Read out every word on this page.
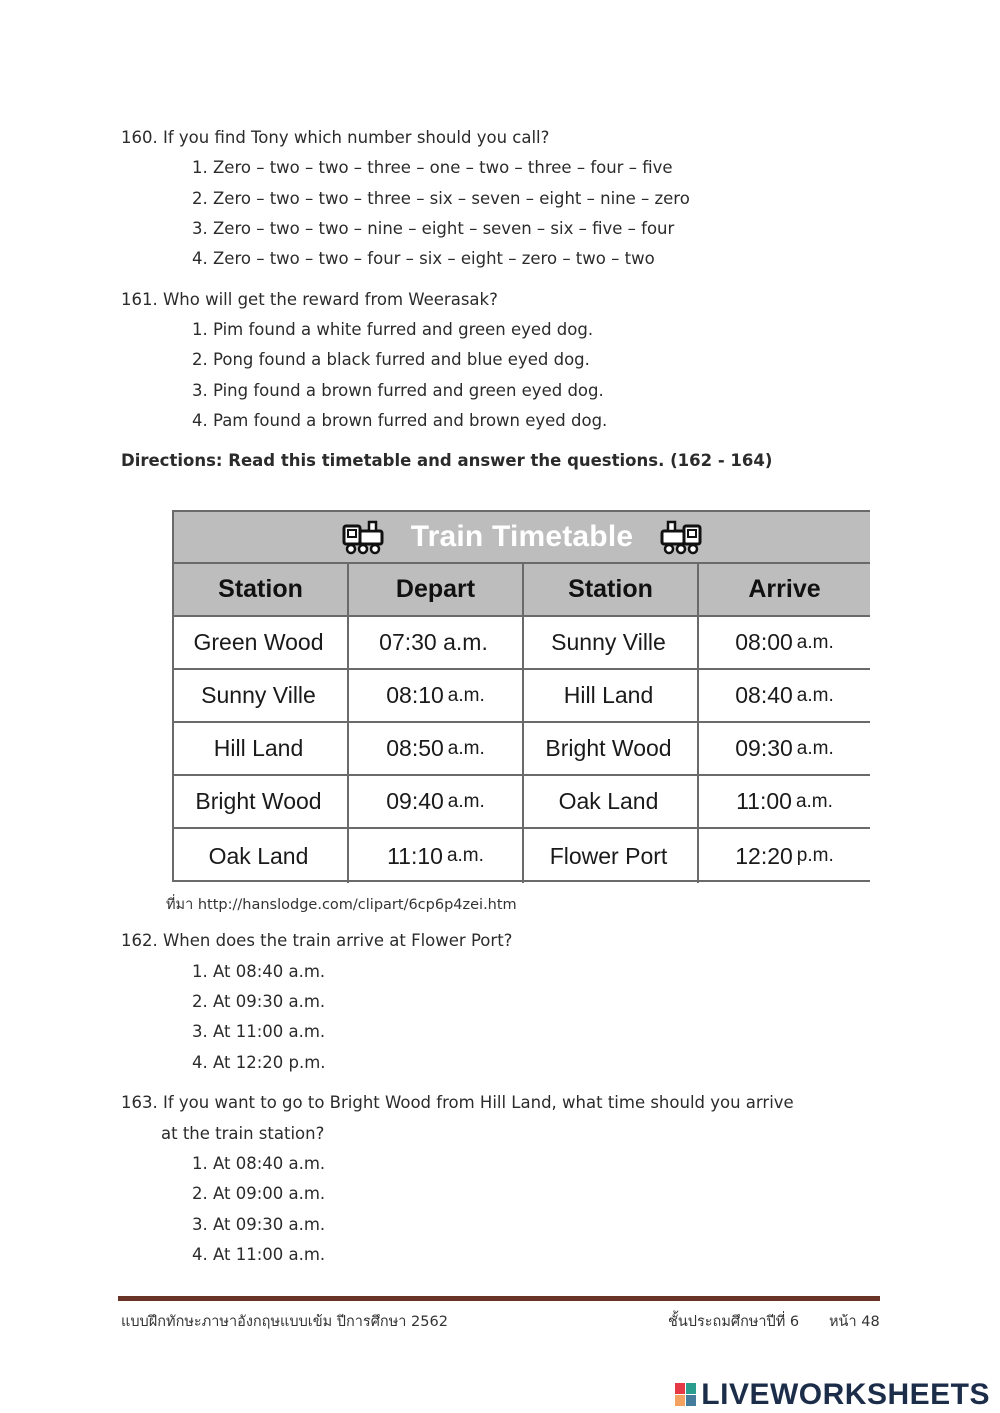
160. If you find Tony which number should you call?
1. Zero – two – two – three – one – two – three – four – five
2. Zero – two – two – three – six – seven – eight – nine – zero
3. Zero – two – two – nine – eight – seven – six – five – four
4. Zero – two – two – four – six – eight – zero – two – two
161. Who will get the reward from Weerasak?
1. Pim found a white furred and green eyed dog.
2. Pong found a black furred and blue eyed dog.
3. Ping found a brown furred and green eyed dog.
4. Pam found a brown furred and brown eyed dog.
Directions: Read this timetable and answer the questions. (162 - 164)
Train Timetable
Station	Depart	Station	Arrive
Green Wood 07:30 a.m.	Sunny Ville	08:00 a.m.
Sunny Ville	08:10 a.m.	Hill Land	08:40 a.m.
Hill Land	08:50 a.m.	Bright Wood	09:30 a.m.
Bright Wood	09:40 a.m.	Oak Land	11:00 a.m.
Oak Land	11:10 a.m.	Flower Port	12:20 p.m.
ที่มา http://hanslodge.com/clipart/6cp6p4zei.htm
162. When does the train arrive at Flower Port?
1. At 08:40 a.m.
2. At 09:30 a.m.
3. At 11:00 a.m.
4. At 12:20 p.m.
163. If you want to go to Bright Wood from Hill Land, what time should you arrive
at the train station?
1. At 08:40 a.m.
2. At 09:00 a.m.
3. At 09:30 a.m.
4. At 11:00 a.m.
แบบฝึกทักษะภาษาอังกฤษแบบเข้ม ปีการศึกษา 2562	ชั้นประถมศึกษาปีที่ 6 หน้า 48
LIVEWORKSHEETS
